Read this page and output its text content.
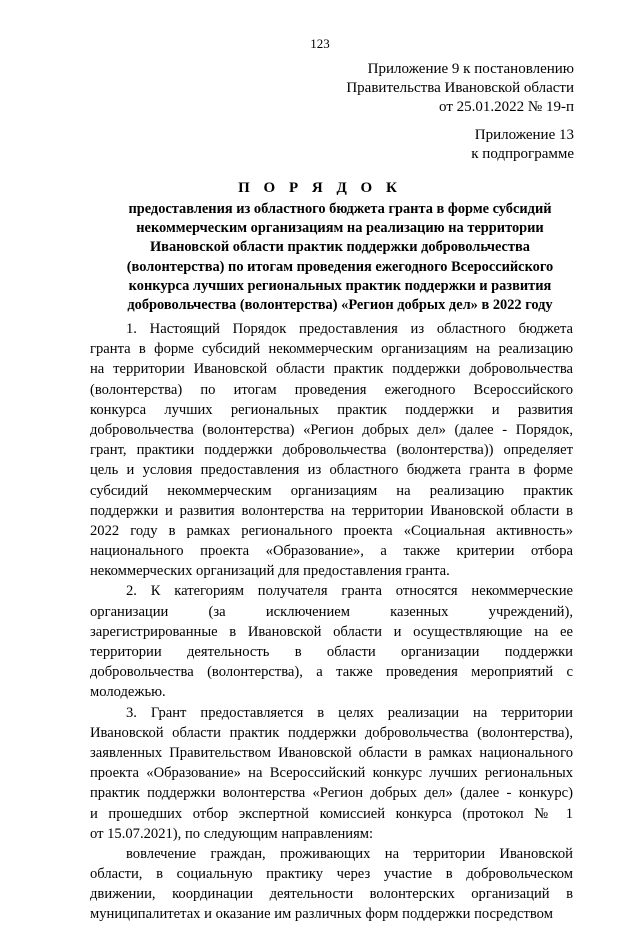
123
Приложение 9 к постановлению
Правительства Ивановской области
от 25.01.2022 № 19-п
Приложение 13
к подпрограмме
П О Р Я Д О К
предоставления из областного бюджета гранта в форме субсидий
некоммерческим организациям на реализацию на территории
Ивановской области практик поддержки добровольчества
(волонтерства) по итогам проведения ежегодного Всероссийского
конкурса лучших региональных практик поддержки и развития
добровольчества (волонтерства) «Регион добрых дел» в 2022 году
1. Настоящий Порядок предоставления из областного бюджета
гранта в форме субсидий некоммерческим организациям на реализацию
на территории Ивановской области практик поддержки добровольчества
(волонтерства) по итогам проведения ежегодного Всероссийского
конкурса лучших региональных практик поддержки и развития
добровольчества (волонтерства) «Регион добрых дел» (далее - Порядок,
грант, практики поддержки добровольчества (волонтерства)) определяет
цель и условия предоставления из областного бюджета гранта в форме
субсидий некоммерческим организациям на реализацию практик
поддержки и развития волонтерства на территории Ивановской области в
2022 году в рамках регионального проекта «Социальная активность»
национального проекта «Образование», а также критерии отбора
некоммерческих организаций для предоставления гранта.
2. К категориям получателя гранта относятся некоммерческие
организации (за исключением казенных учреждений),
зарегистрированные в Ивановской области и осуществляющие на ее
территории деятельность в области организации поддержки
добровольчества (волонтерства), а также проведения мероприятий с
молодежью.
3. Грант предоставляется в целях реализации на территории
Ивановской области практик поддержки добровольчества (волонтерства),
заявленных Правительством Ивановской области в рамках национального
проекта «Образование» на Всероссийский конкурс лучших региональных
практик поддержки волонтерства «Регион добрых дел» (далее - конкурс)
и прошедших отбор экспертной комиссией конкурса (протокол № 1
от 15.07.2021), по следующим направлениям:
вовлечение граждан, проживающих на территории Ивановской
области, в социальную практику через участие в добровольческом
движении, координации деятельности волонтерских организаций в
муниципалитетах и оказание им различных форм поддержки посредством
